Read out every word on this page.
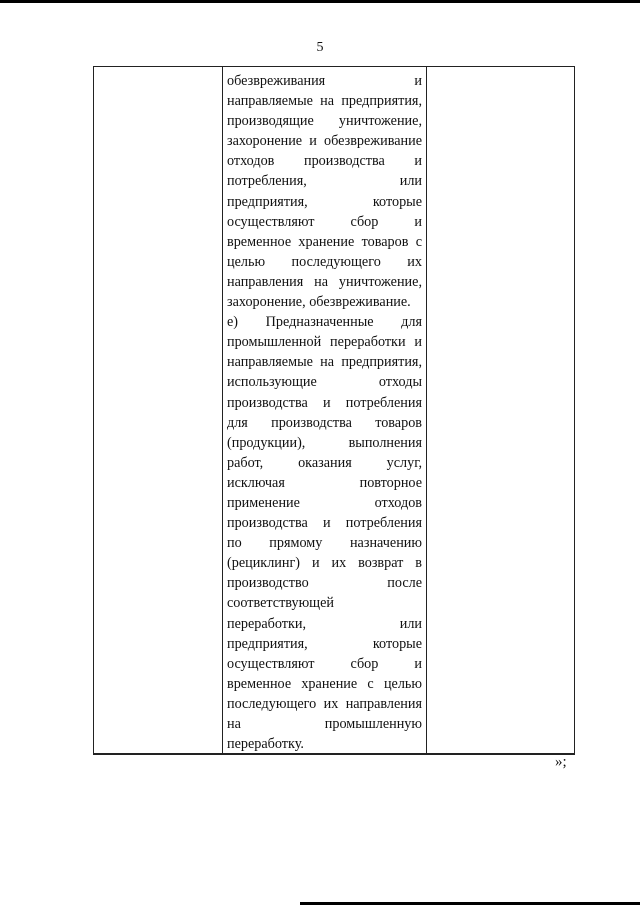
5
обезвреживания и
направляемые на предприятия,
производящие уничтожение,
захоронение и обезвреживание
отходов производства и
потребления, или
предприятия, которые
осуществляют сбор и
временное хранение товаров с
целью последующего их
направления на уничтожение,
захоронение, обезвреживание.
е) Предназначенные для
промышленной переработки и
направляемые на предприятия,
использующие отходы
производства и потребления
для производства товаров
(продукции), выполнения
работ, оказания услуг,
исключая повторное
применение отходов
производства и потребления
по прямому назначению
(рециклинг) и их возврат в
производство после
соответствующей
переработки, или
предприятия, которые
осуществляют сбор и
временное хранение с целью
последующего их направления
на промышленную
переработку.
»;
